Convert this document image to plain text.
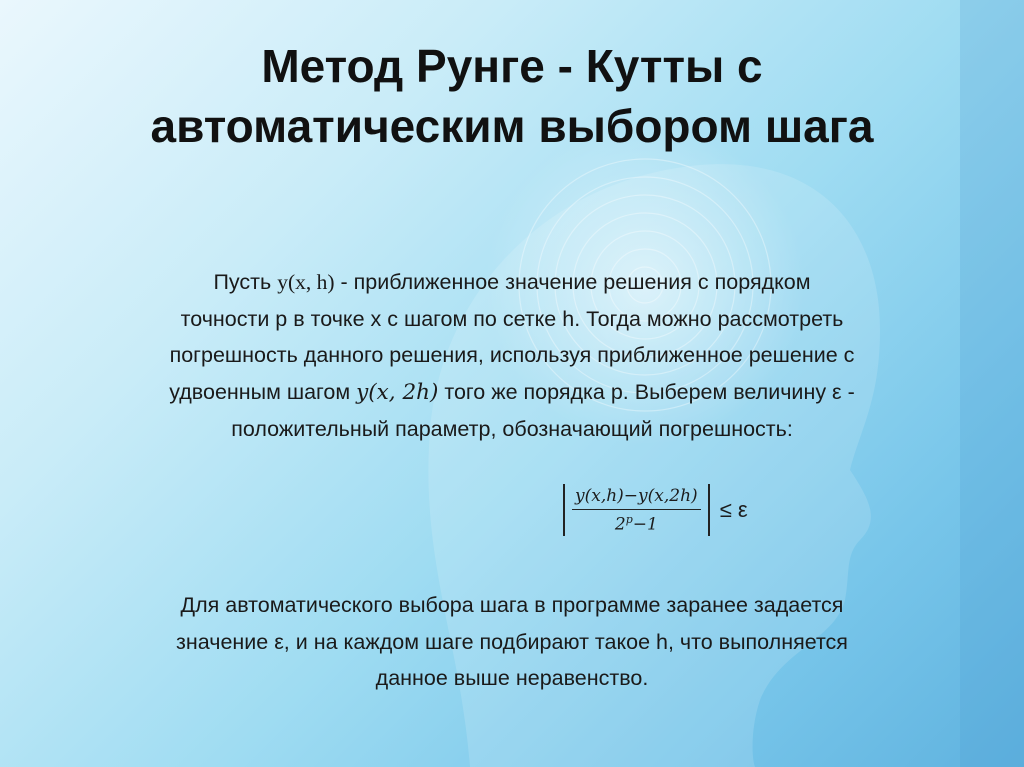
Метод Рунге - Кутты с
автоматическим выбором шага
Пусть y(x, h) - приближенное значение решения с порядком
точности p в точке x с шагом по сетке h. Тогда можно рассмотреть
погрешность данного решения, используя приближенное решение с
удвоенным шагом y(x, 2h) того же порядка p. Выберем величину ε -
положительный параметр, обозначающий погрешность:
y(x,h)−y(x,2h)
$2^p-1$
≤ ε
Для автоматического выбора шага в программе заранее задается
значение ε, и на каждом шаге подбирают такое h, что выполняется
данное выше неравенство.
